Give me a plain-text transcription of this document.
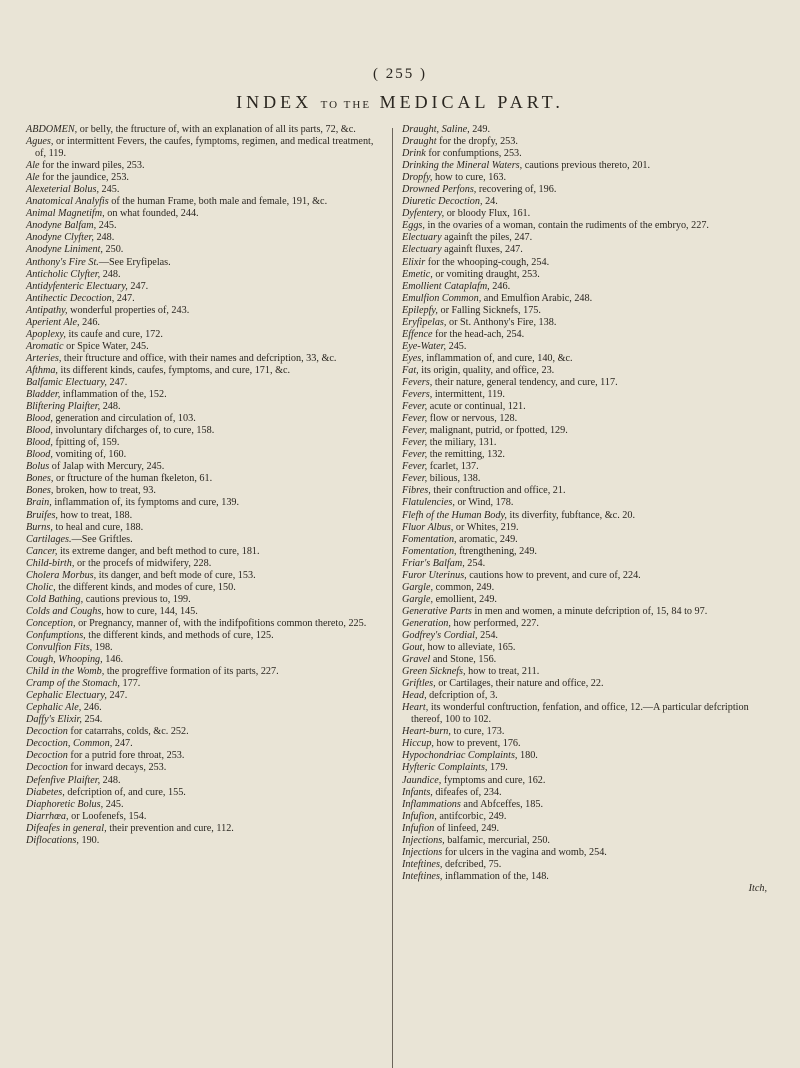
( 255 )
INDEX TO THE MEDICAL PART.

ABDOMEN, or belly, the ftructure of, with an explanation of all its parts, 72, &c.

Agues, or intermittent Fevers, the caufes, fymptoms, regimen, and medical treatment, of, 119.

Ale for the inward piles, 253.

Ale for the jaundice, 253.

Alexeterial Bolus, 245.

Anatomical Analyfis of the human Frame, both male and female, 191, &c.

Animal Magnetifm, on what founded, 244.

Anodyne Balfam, 245.

Anodyne Clyfter, 248.

Anodyne Liniment, 250.

Anthony's Fire St.—See Eryfipelas.

Anticholic Clyfter, 248.

Antidyfenteric Electuary, 247.

Antihectic Decoction, 247.

Antipathy, wonderful properties of, 243.

Aperient Ale, 246.

Apoplexy, its caufe and cure, 172.

Aromatic or Spice Water, 245.

Arteries, their ftructure and office, with their names and defcription, 33, &c.

Afthma, its different kinds, caufes, fymptoms, and cure, 171, &c.

Balfamic Electuary, 247.

Bladder, inflammation of the, 152.

Bliftering Plaifter, 248.

Blood, generation and circulation of, 103.

Blood, involuntary difcharges of, to cure, 158.

Blood, fpitting of, 159.

Blood, vomiting of, 160.

Bolus of Jalap with Mercury, 245.

Bones, or ftructure of the human fkeleton, 61.

Bones, broken, how to treat, 93.

Brain, inflammation of, its fymptoms and cure, 139.

Bruifes, how to treat, 188.

Burns, to heal and cure, 188.

Cartilages.—See Griftles.

Cancer, its extreme danger, and beft method to cure, 181.

Child-birth, or the procefs of midwifery, 228.

Cholera Morbus, its danger, and beft mode of cure, 153.

Cholic, the different kinds, and modes of cure, 150.

Cold Bathing, cautions previous to, 199.

Colds and Coughs, how to cure, 144, 145.

Conception, or Pregnancy, manner of, with the indifpofitions common thereto, 225.

Confumptions, the different kinds, and methods of cure, 125.

Convulfion Fits, 198.

Cough, Whooping, 146.

Child in the Womb, the progreffive formation of its parts, 227.

Cramp of the Stomach, 177.

Cephalic Electuary, 247.

Cephalic Ale, 246.

Daffy's Elixir, 254.

Decoction for catarrahs, colds, &c. 252.

Decoction, Common, 247.

Decoction for a putrid fore throat, 253.

Decoction for inward decays, 253.

Defenfive Plaifter, 248.

Diabetes, defcription of, and cure, 155.

Diaphoretic Bolus, 245.

Diarrhœa, or Loofenefs, 154.

Difeafes in general, their prevention and cure, 112.

Diflocations, 190.

Draught, Saline, 249.

Draught for the dropfy, 253.

Drink for confumptions, 253.

Drinking the Mineral Waters, cautions previous thereto, 201.

Dropfy, how to cure, 163.

Drowned Perfons, recovering of, 196.

Diuretic Decoction, 24.

Dyfentery, or bloody Flux, 161.

Eggs, in the ovaries of a woman, contain the rudiments of the embryo, 227.

Electuary againft the piles, 247.

Electuary againft fluxes, 247.

Elixir for the whooping-cough, 254.

Emetic, or vomiting draught, 253.

Emollient Cataplafm, 246.

Emulfion Common, and Emulfion Arabic, 248.

Epilepfy, or Falling Sicknefs, 175.

Eryfipelas, or St. Anthony's Fire, 138.

Effence for the head-ach, 254.

Eye-Water, 245.

Eyes, inflammation of, and cure, 140, &c.

Fat, its origin, quality, and office, 23.

Fevers, their nature, general tendency, and cure, 117.

Fevers, intermittent, 119.

Fever, acute or continual, 121.

Fever, flow or nervous, 128.

Fever, malignant, putrid, or fpotted, 129.

Fever, the miliary, 131.

Fever, the remitting, 132.

Fever, fcarlet, 137.

Fever, bilious, 138.

Fibres, their conftruction and office, 21.

Flatulencies, or Wind, 178.

Flefh of the Human Body, its diverfity, fubftance, &c. 20.

Fluor Albus, or Whites, 219.

Fomentation, aromatic, 249.

Fomentation, ftrengthening, 249.

Friar's Balfam, 254.

Furor Uterinus, cautions how to prevent, and cure of, 224.

Gargle, common, 249.

Gargle, emollient, 249.

Generative Parts in men and women, a minute defcription of, 15, 84 to 97.

Generation, how performed, 227.

Godfrey's Cordial, 254.

Gout, how to alleviate, 165.

Gravel and Stone, 156.

Green Sicknefs, how to treat, 211.

Griftles, or Cartilages, their nature and office, 22.

Head, defcription of, 3.

Heart, its wonderful conftruction, fenfation, and office, 12.—A particular defcription thereof, 100 to 102.

Heart-burn, to cure, 173.

Hiccup, how to prevent, 176.

Hypochondriac Complaints, 180.

Hyfteric Complaints, 179.

Jaundice, fymptoms and cure, 162.

Infants, difeafes of, 234.

Inflammations and Abfceffes, 185.

Infufion, antifcorbic, 249.

Infufion of linfeed, 249.

Injections, balfamic, mercurial, 250.

Injections for ulcers in the vagina and womb, 254.

Inteftines, defcribed, 75.

Inteftines, inflammation of the, 148.

Itch,
